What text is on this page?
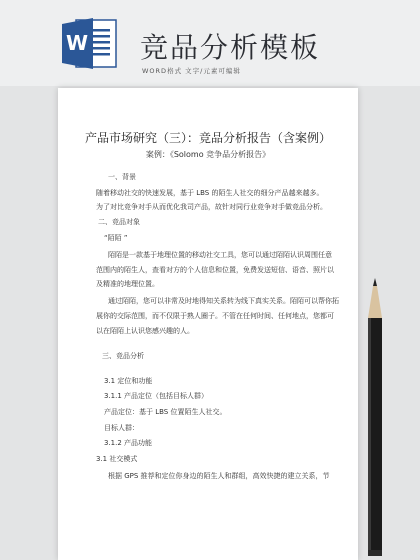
W 竞品分析模板
WORD格式 文字/元素可编辑
产品市场研究（三）：竞品分析报告（含案例）
案例：《Solomo 竞争品分析报告》
一、背景
随着移动社交的快速发展，基于 LBS 的陌生人社交的细分产品越来越多。
为了对比竞争对手从而优化我司产品，故针对同行业竞争对手做竞品分析。
二、竞品对象
“陌陌 ”
陌陌是一款基于地理位置的移动社交工具，您可以通过陌陌认识周围任意
范围内的陌生人，查看对方的个人信息和位置，免费发送短信、语音、照片以
及精准的地理位置。
通过陌陌，您可以非常及时地得知关系转为线下真实关系。陌陌可以帮你拓
展你的交际范围，而不仅限于熟人圈子。不管在任何时间、任何地点，您都可
以在陌陌上认识您感兴趣的人。
三、竞品分析
3.1 定位和功能
3.1.1 产品定位（包括目标人群）
产品定位：基于 LBS 位置陌生人社交。
目标人群：
3.1.2 产品功能
3.1 社交模式
根据 GPS 推荐和定位你身边的陌生人和群组，高效快捷的建立关系，节
